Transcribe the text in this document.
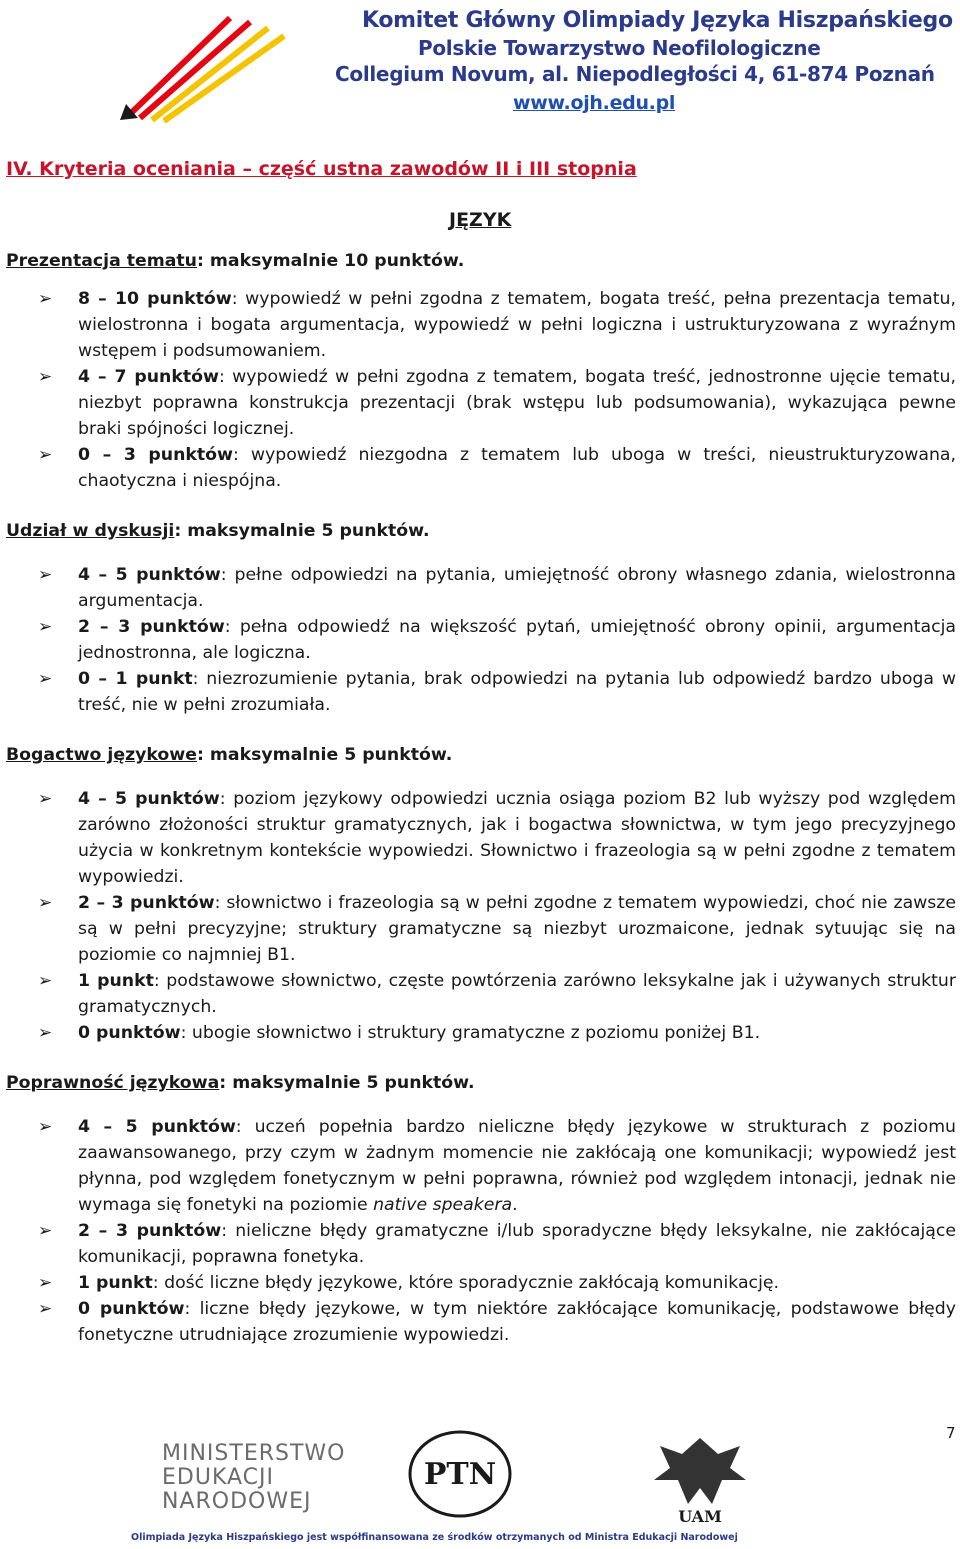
Komitet Główny Olimpiady Języka Hiszpańskiego
Polskie Towarzystwo Neofilologiczne
Collegium Novum, al. Niepodległości 4, 61-874 Poznań
www.ojh.edu.pl
IV. Kryteria oceniania – część ustna zawodów II i III stopnia
JĘZYK

Prezentacja tematu: maksymalnie 10 punktów.

➢ 8 – 10 punktów: wypowiedź w pełni zgodna z tematem, bogata treść, pełna prezentacja tematu, wielostronna i bogata argumentacja, wypowiedź w pełni logiczna i ustrukturyzowana z wyraźnym wstępem i podsumowaniem.
➢ 4 – 7 punktów: wypowiedź w pełni zgodna z tematem, bogata treść, jednostronne ujęcie tematu, niezbyt poprawna konstrukcja prezentacji (brak wstępu lub podsumowania), wykazująca pewne braki spójności logicznej.
➢ 0 – 3 punktów: wypowiedź niezgodna z tematem lub uboga w treści, nieustrukturyzowana, chaotyczna i niespójna.

Udział w dyskusji: maksymalnie 5 punktów.

➢ 4 – 5 punktów: pełne odpowiedzi na pytania, umiejętność obrony własnego zdania, wielostronna argumentacja.
➢ 2 – 3 punktów: pełna odpowiedź na większość pytań, umiejętność obrony opinii, argumentacja jednostronna, ale logiczna.
➢ 0 – 1 punkt: niezrozumienie pytania, brak odpowiedzi na pytania lub odpowiedź bardzo uboga w treść, nie w pełni zrozumiała.

Bogactwo językowe: maksymalnie 5 punktów.

➢ 4 – 5 punktów: poziom językowy odpowiedzi ucznia osiąga poziom B2 lub wyższy pod względem zarówno złożoności struktur gramatycznych, jak i bogactwa słownictwa, w tym jego precyzyjnego użycia w konkretnym kontekście wypowiedzi. Słownictwo i frazeologia są w pełni zgodne z tematem wypowiedzi.
➢ 2 – 3 punktów: słownictwo i frazeologia są w pełni zgodne z tematem wypowiedzi, choć nie zawsze są w pełni precyzyjne; struktury gramatyczne są niezbyt urozmaicone, jednak sytuując się na poziomie co najmniej B1.
➢ 1 punkt: podstawowe słownictwo, częste powtórzenia zarówno leksykalne jak i używanych struktur gramatycznych.
➢ 0 punktów: ubogie słownictwo i struktury gramatyczne z poziomu poniżej B1.

Poprawność językowa: maksymalnie 5 punktów.

➢ 4 – 5 punktów: uczeń popełnia bardzo nieliczne błędy językowe w strukturach z poziomu zaawansowanego, przy czym w żadnym momencie nie zakłócają one komunikacji; wypowiedź jest płynna, pod względem fonetycznym w pełni poprawna, również pod względem intonacji, jednak nie wymaga się fonetyki na poziomie native speakera.
➢ 2 – 3 punktów: nieliczne błędy gramatyczne i/lub sporadyczne błędy leksykalne, nie zakłócające komunikacji, poprawna fonetyka.
➢ 1 punkt: dość liczne błędy językowe, które sporadycznie zakłócają komunikację.
➢ 0 punktów: liczne błędy językowe, w tym niektóre zakłócające komunikację, podstawowe błędy fonetyczne utrudniające zrozumienie wypowiedzi.
7
MINISTERSTWO
EDUKACJI
NARODOWEJ
PTN
UAM
Olimpiada Języka Hiszpańskiego jest współfinansowana ze środków otrzymanych od Ministra Edukacji Narodowej
